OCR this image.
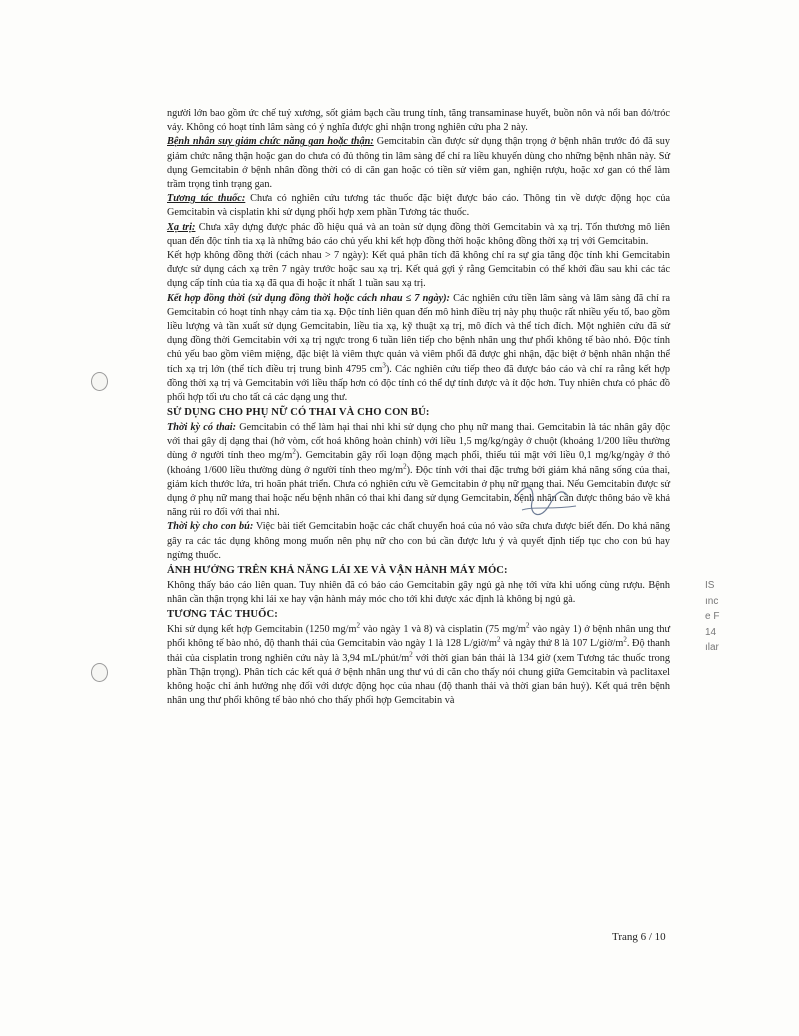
người lớn bao gồm ức chế tuỷ xương, sốt giảm bạch cầu trung tính, tăng transaminase huyết, buồn nôn và nổi ban đỏ/tróc vảy. Không có hoạt tính lâm sàng có ý nghĩa được ghi nhận trong nghiên cứu pha 2 này.

Bệnh nhân suy giảm chức năng gan hoặc thận: Gemcitabin cần được sử dụng thận trọng ở bệnh nhân trước đó đã suy giảm chức năng thận hoặc gan do chưa có đủ thông tin lâm sàng để chỉ ra liều khuyến dùng cho những bệnh nhân này. Sử dụng Gemcitabin ở bệnh nhân đồng thời có di căn gan hoặc có tiền sử viêm gan, nghiện rượu, hoặc xơ gan có thể làm trầm trọng tình trạng gan.

Tương tác thuốc: Chưa có nghiên cứu tương tác thuốc đặc biệt được báo cáo. Thông tin về dược động học của Gemcitabin và cisplatin khi sử dụng phối hợp xem phần Tương tác thuốc.

Xạ trị: Chưa xây dựng được phác đồ hiệu quả và an toàn sử dụng đồng thời Gemcitabin và xạ trị. Tổn thương mô liên quan đến độc tính tia xạ là những báo cáo chủ yếu khi kết hợp đồng thời hoặc không đồng thời xạ trị với Gemcitabin.

Kết hợp không đồng thời (cách nhau > 7 ngày): Kết quả phân tích đã không chỉ ra sự gia tăng độc tính khi Gemcitabin được sử dụng cách xạ trên 7 ngày trước hoặc sau xạ trị. Kết quả gợi ý rằng Gemcitabin có thể khởi đầu sau khi các tác dụng cấp tính của tia xạ đã qua đi hoặc ít nhất 1 tuần sau xạ trị.

Kết hợp đồng thời (sử dụng đồng thời hoặc cách nhau ≤ 7 ngày): Các nghiên cứu tiền lâm sàng và lâm sàng đã chỉ ra Gemcitabin có hoạt tính nhạy cảm tia xạ. Độc tính liên quan đến mô hình điều trị này phụ thuộc rất nhiều yếu tố, bao gồm liều lượng và tần xuất sử dụng Gemcitabin, liều tia xạ, kỹ thuật xạ trị, mô đích và thể tích đích. Một nghiên cứu đã sử dụng đồng thời Gemcitabin với xạ trị ngực trong 6 tuần liên tiếp cho bệnh nhân ung thư phổi không tế bào nhỏ. Độc tính chủ yếu bao gồm viêm miệng, đặc biệt là viêm thực quản và viêm phổi đã được ghi nhận, đặc biệt ở bệnh nhân nhận thể tích xạ trị lớn (thể tích điều trị trung bình 4795 $cm^3$). Các nghiên cứu tiếp theo đã được báo cáo và chỉ ra rằng kết hợp đồng thời xạ trị và Gemcitabin với liều thấp hơn có độc tính có thể dự tính được và ít độc hơn. Tuy nhiên chưa có phác đồ phối hợp tối ưu cho tất cả các dạng ung thư.

SỬ DỤNG CHO PHỤ NỮ CÓ THAI VÀ CHO CON BÚ:

Thời kỳ có thai: Gemcitabin có thể làm hại thai nhi khi sử dụng cho phụ nữ mang thai. Gemcitabin là tác nhân gây độc với thai gây dị dạng thai (hở vòm, cốt hoá không hoàn chỉnh) với liều 1,5 mg/kg/ngày ở chuột (khoảng 1/200 liều thường dùng ở người tính theo $mg/m^2$). Gemcitabin gây rối loạn động mạch phổi, thiếu túi mật với liều 0,1 mg/kg/ngày ở thỏ (khoảng 1/600 liều thường dùng ở người tính theo $mg/m^2$). Độc tính với thai đặc trưng bởi giảm khả năng sống của thai, giảm kích thước lứa, trì hoãn phát triển. Chưa có nghiên cứu về Gemcitabin ở phụ nữ mang thai. Nếu Gemcitabin được sử dụng ở phụ nữ mang thai hoặc nếu bệnh nhân có thai khi đang sử dụng Gemcitabin, bệnh nhân cần được thông báo về khả năng rủi ro đối với thai nhi.

Thời kỳ cho con bú: Việc bài tiết Gemcitabin hoặc các chất chuyển hoá của nó vào sữa chưa được biết đến. Do khả năng gây ra các tác dụng không mong muốn nên phụ nữ cho con bú cần được lưu ý và quyết định tiếp tục cho con bú hay ngừng thuốc.

ẢNH HƯỞNG TRÊN KHẢ NĂNG LÁI XE VÀ VẬN HÀNH MÁY MÓC:

Không thấy báo cáo liên quan. Tuy nhiên đã có báo cáo Gemcitabin gây ngủ gà nhẹ tới vừa khi uống cùng rượu. Bệnh nhân cần thận trọng khi lái xe hay vận hành máy móc cho tới khi được xác định là không bị ngủ gà.

TƯƠNG TÁC THUỐC:

Khi sử dụng kết hợp Gemcitabin (1250 $mg/m^2$ vào ngày 1 và 8) và cisplatin (75 $mg/m^2$ vào ngày 1) ở bệnh nhân ung thư phổi không tế bào nhỏ, độ thanh thải của Gemcitabin vào ngày 1 là 128 $L/giờ/m^2$ và ngày thứ 8 là 107 $L/giờ/m^2$. Độ thanh thải của cisplatin trong nghiên cứu này là 3,94 $mL/phút/m^2$ với thời gian bán thải là 134 giờ (xem Tương tác thuốc trong phần Thận trọng). Phân tích các kết quả ở bệnh nhân ung thư vú di căn cho thấy nói chung giữa Gemcitabin và paclitaxel không hoặc chỉ ảnh hưởng nhẹ đối với dược động học của nhau (độ thanh thải và thời gian bán huỷ). Kết quả trên bệnh nhân ung thư phổi không tế bào nhỏ cho thấy phối hợp Gemcitabin và

IS
ınc
e F
14
ılar
Trang 6 / 10
